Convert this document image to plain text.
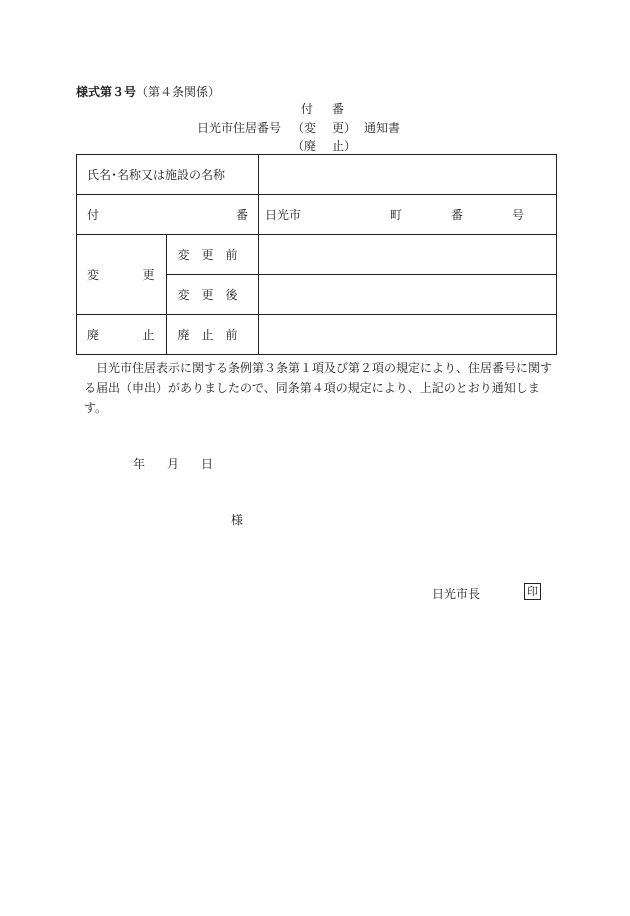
様式第３号（第４条関係）
付 番
日光市住居番号 （変 更） 通知書
（廃 止）
氏名･名称又は施設の名称		

付 番		日光市 町 番 号

変 更	変　更　前	
	変　更　後	

廃 止	廃　止　前	
　日光市住居表示に関する条例第３条第１項及び第２項の規定により、住居番号に関する届出（申出）がありましたので、同条第４項の規定により、上記のとおり通知します。
年 月 日
様
日光市長	印
